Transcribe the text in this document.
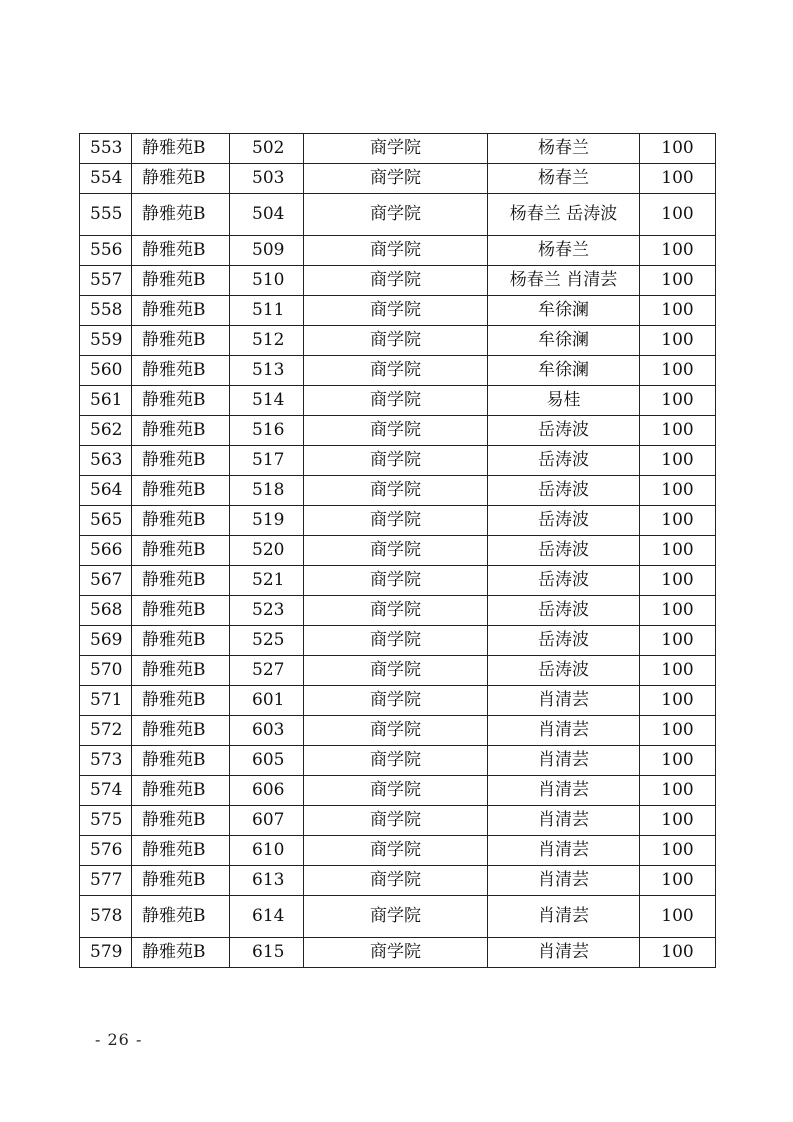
553	静雅苑B	502	商学院	杨春兰	100
554	静雅苑B	503	商学院	杨春兰	100
555	静雅苑B	504	商学院	杨春兰 岳涛波	100
556	静雅苑B	509	商学院	杨春兰	100
557	静雅苑B	510	商学院	杨春兰 肖清芸	100
558	静雅苑B	511	商学院	牟徐澜	100
559	静雅苑B	512	商学院	牟徐澜	100
560	静雅苑B	513	商学院	牟徐澜	100
561	静雅苑B	514	商学院	易桂	100
562	静雅苑B	516	商学院	岳涛波	100
563	静雅苑B	517	商学院	岳涛波	100
564	静雅苑B	518	商学院	岳涛波	100
565	静雅苑B	519	商学院	岳涛波	100
566	静雅苑B	520	商学院	岳涛波	100
567	静雅苑B	521	商学院	岳涛波	100
568	静雅苑B	523	商学院	岳涛波	100
569	静雅苑B	525	商学院	岳涛波	100
570	静雅苑B	527	商学院	岳涛波	100
571	静雅苑B	601	商学院	肖清芸	100
572	静雅苑B	603	商学院	肖清芸	100
573	静雅苑B	605	商学院	肖清芸	100
574	静雅苑B	606	商学院	肖清芸	100
575	静雅苑B	607	商学院	肖清芸	100
576	静雅苑B	610	商学院	肖清芸	100
577	静雅苑B	613	商学院	肖清芸	100
578	静雅苑B	614	商学院	肖清芸	100
579	静雅苑B	615	商学院	肖清芸	100
- 26 -
